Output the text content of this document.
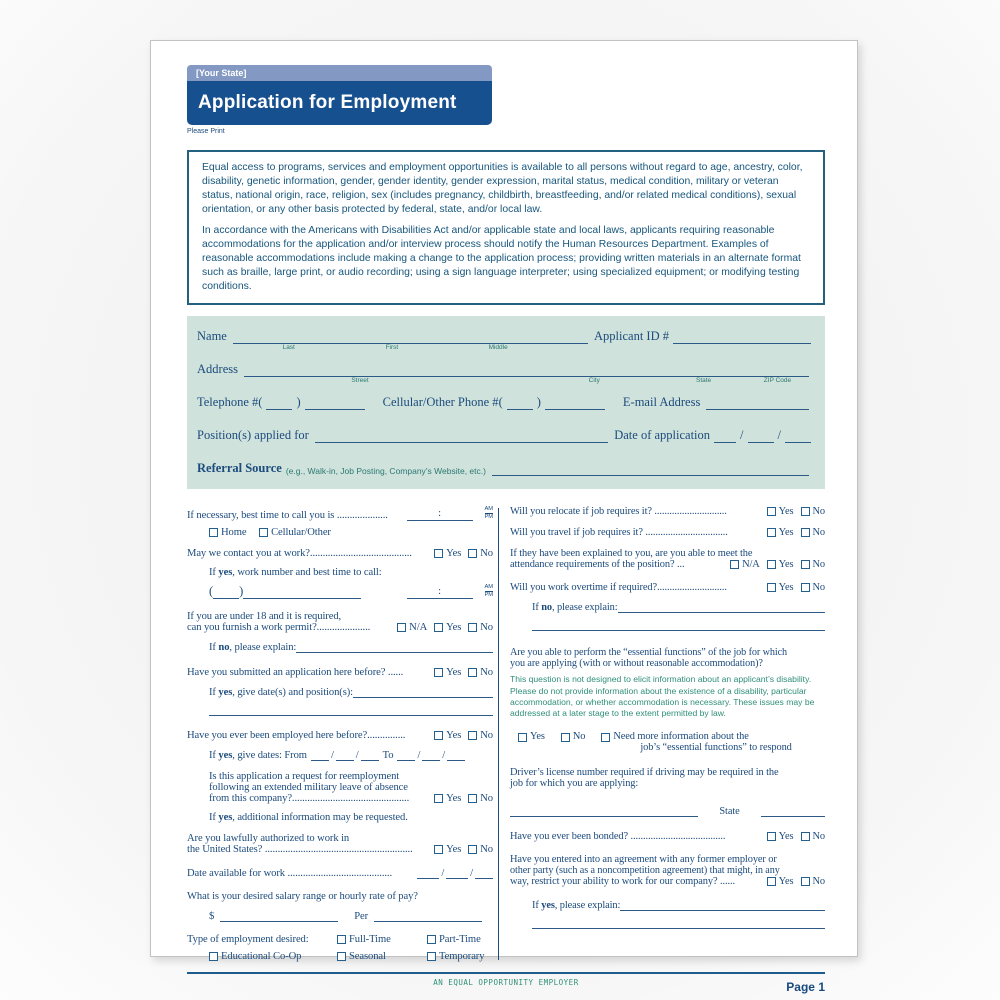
[Your State]
Application for Employment
Please Print

Equal access to programs, services and employment opportunities is available to all persons without regard to age, ancestry, color, disability, genetic information, gender, gender identity, gender expression, marital status, medical condition, military or veteran status, national origin, race, religion, sex (includes pregnancy, childbirth, breastfeeding, and/or related medical conditions), sexual orientation, or any other basis protected by federal, state, and/or local law.

In accordance with the Americans with Disabilities Act and/or applicable state and local laws, applicants requiring reasonable accommodations for the application and/or interview process should notify the Human Resources Department. Examples of reasonable accommodations include making a change to the application process; providing written materials in an alternate format such as braille, large print, or audio recording; using a sign language interpreter; using specialized equipment; or modifying testing conditions.

Name
Last	First	Middle
Applicant ID #
Address
Street	City	State	ZIP Code
Telephone # (	)	Cellular/Other Phone # (	)	E-mail Address
Position(s) applied for	Date of application /	/
Referral Source (e.g., Walk-in, Job Posting, Company’s Website, etc.)
If necessary, best time to call you is ....................	:	AM
PM
Home
Cellular/Other
May we contact you at work?........................................	Yes No
If yes, work number and best time to call:
( )	:	AM
PM
If you are under 18 and it is required,
can you furnish a work permit?.....................	N/A Yes No
If no, please explain:
Have you submitted an application here before? ......	Yes No
If yes, give date(s) and position(s):
Have you ever been employed here before?...............	Yes No
If yes, give dates: From / / To / /
Is this application a request for reemployment
following an extended military leave of absence
from this company?..............................................	Yes No
If yes, additional information may be requested.
Are you lawfully authorized to work in
the United States? ..........................................................	Yes No
Date available for work .........................................	/ /
What is your desired salary range or hourly rate of pay?
$	Per
Type of employment desired:	Full-Time	Part-Time
Educational Co-Op	Seasonal	Temporary
Will you relocate if job requires it? .............................	Yes No
Will you travel if job requires it? .................................	Yes No
If they have been explained to you, are you able to meet the
attendance requirements of the position? ...	N/A Yes No
Will you work overtime if required?............................	Yes No
If no, please explain:
Are you able to perform the “essential functions” of the job for which
you are applying (with or without reasonable accommodation)?
This question is not designed to elicit information about an applicant’s disability. Please do not provide information about the existence of a disability, particular accommodation, or whether accommodation is necessary. These issues may be addressed at a later stage to the extent permitted by law.
Yes	No	Need more information about the
job’s “essential functions” to respond
Driver’s license number required if driving may be required in the
job for which you are applying:
State
Have you ever been bonded? ......................................	Yes No
Have you entered into an agreement with any former employer or
other party (such as a noncompetition agreement) that might, in any
way, restrict your ability to work for our company? ......	Yes No
If yes, please explain:
AN EQUAL OPPORTUNITY EMPLOYER	Page 1
